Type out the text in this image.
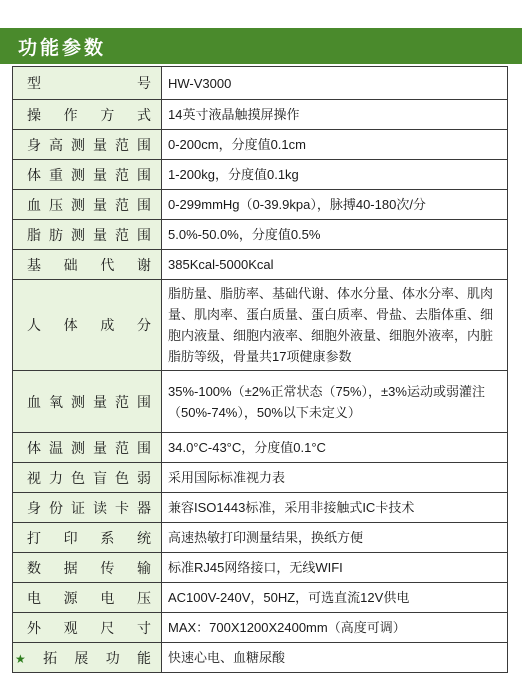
功能参数
型　号	HW-V3000
操作方式	14英寸液晶触摸屏操作
身高测量范围	0-200cm，分度值0.1cm
体重测量范围	1-200kg，分度值0.1kg
血压测量范围	0-299mmHg（0-39.9kpa），脉搏40-180次/分
脂肪测量范围	5.0%-50.0%，分度值0.5%
基础代谢	385Kcal-5000Kcal
人体成分	脂肪量、脂肪率、基础代谢、体水分量、体水分率、肌肉量、肌肉率、蛋白质量、蛋白质率、骨盐、去脂体重、细胞内液量、细胞内液率、细胞外液量、细胞外液率，内脏脂肪等级，骨量共17项健康参数
血氧测量范围	35%-100%（±2%正常状态（75%），±3%运动或弱灌注（50%-74%），50%以下未定义）
体温测量范围	34.0°C-43°C，分度值0.1°C
视力色盲色弱	采用国际标准视力表
身份证读卡器	兼容ISO1443标准，采用非接触式IC卡技术
打印系统	高速热敏打印测量结果，换纸方便
数据传输	标准RJ45网络接口，无线WIFI
电源电压	AC100V-240V，50HZ，可选直流12V供电
外观尺寸	MAX：700X1200X2400mm（高度可调）
★拓展功能	快速心电、血糖尿酸
